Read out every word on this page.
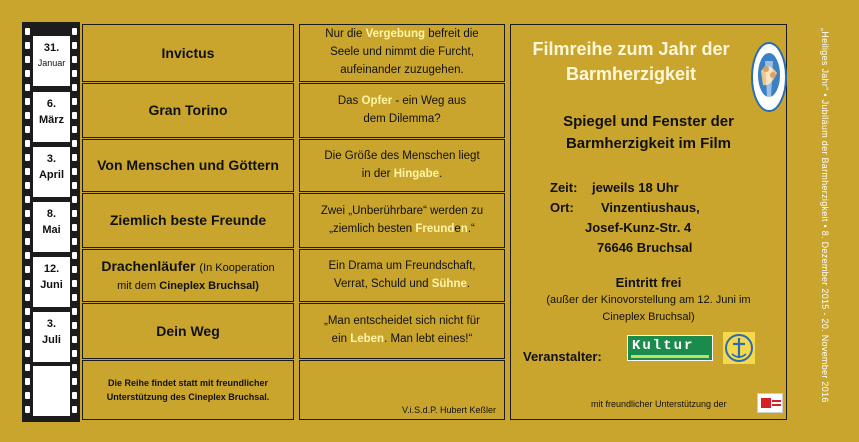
31.
Januar
6.
März
3.
April
8.
Mai
12.
Juni
3.
Juli
Invictus
Gran Torino
Von Menschen und Göttern
Ziemlich beste Freunde
Drachenläufer (In Kooperation
mit dem Cineplex Bruchsal)
Dein Weg
Die Reihe findet statt mit freundlicher
Unterstützung des Cineplex Bruchsal.
Nur die Vergebung befreit die
Seele und nimmt die Furcht,
aufeinander zuzugehen.
Das Opfer - ein Weg aus
dem Dilemma?
Die Größe des Menschen liegt
in der Hingabe.
Zwei „Unberührbare“ werden zu
„ziemlich besten Freunden.“
Ein Drama um Freundschaft,
Verrat, Schuld und Sühne.
„Man entscheidet sich nicht für
ein Leben. Man lebt eines!“
V.i.S.d.P. Hubert Keßler
Filmreihe zum Jahr der
Barmherzigkeit
Spiegel und Fenster der
Barmherzigkeit im Film
Zeit: jeweils 18 Uhr
Ort: Vinzentiushaus,
Josef-Kunz-Str. 4
76646 Bruchsal
Eintritt frei
(außer der Kinovorstellung am 12. Juni im
Cineplex Bruchsal)
Veranstalter:
Kultur
mit freundlicher Unterstützung der
„Heiliges Jahr“ • Jubiläum der Barmherzigkeit • 8. Dezember 2015 - 20. November 2016
